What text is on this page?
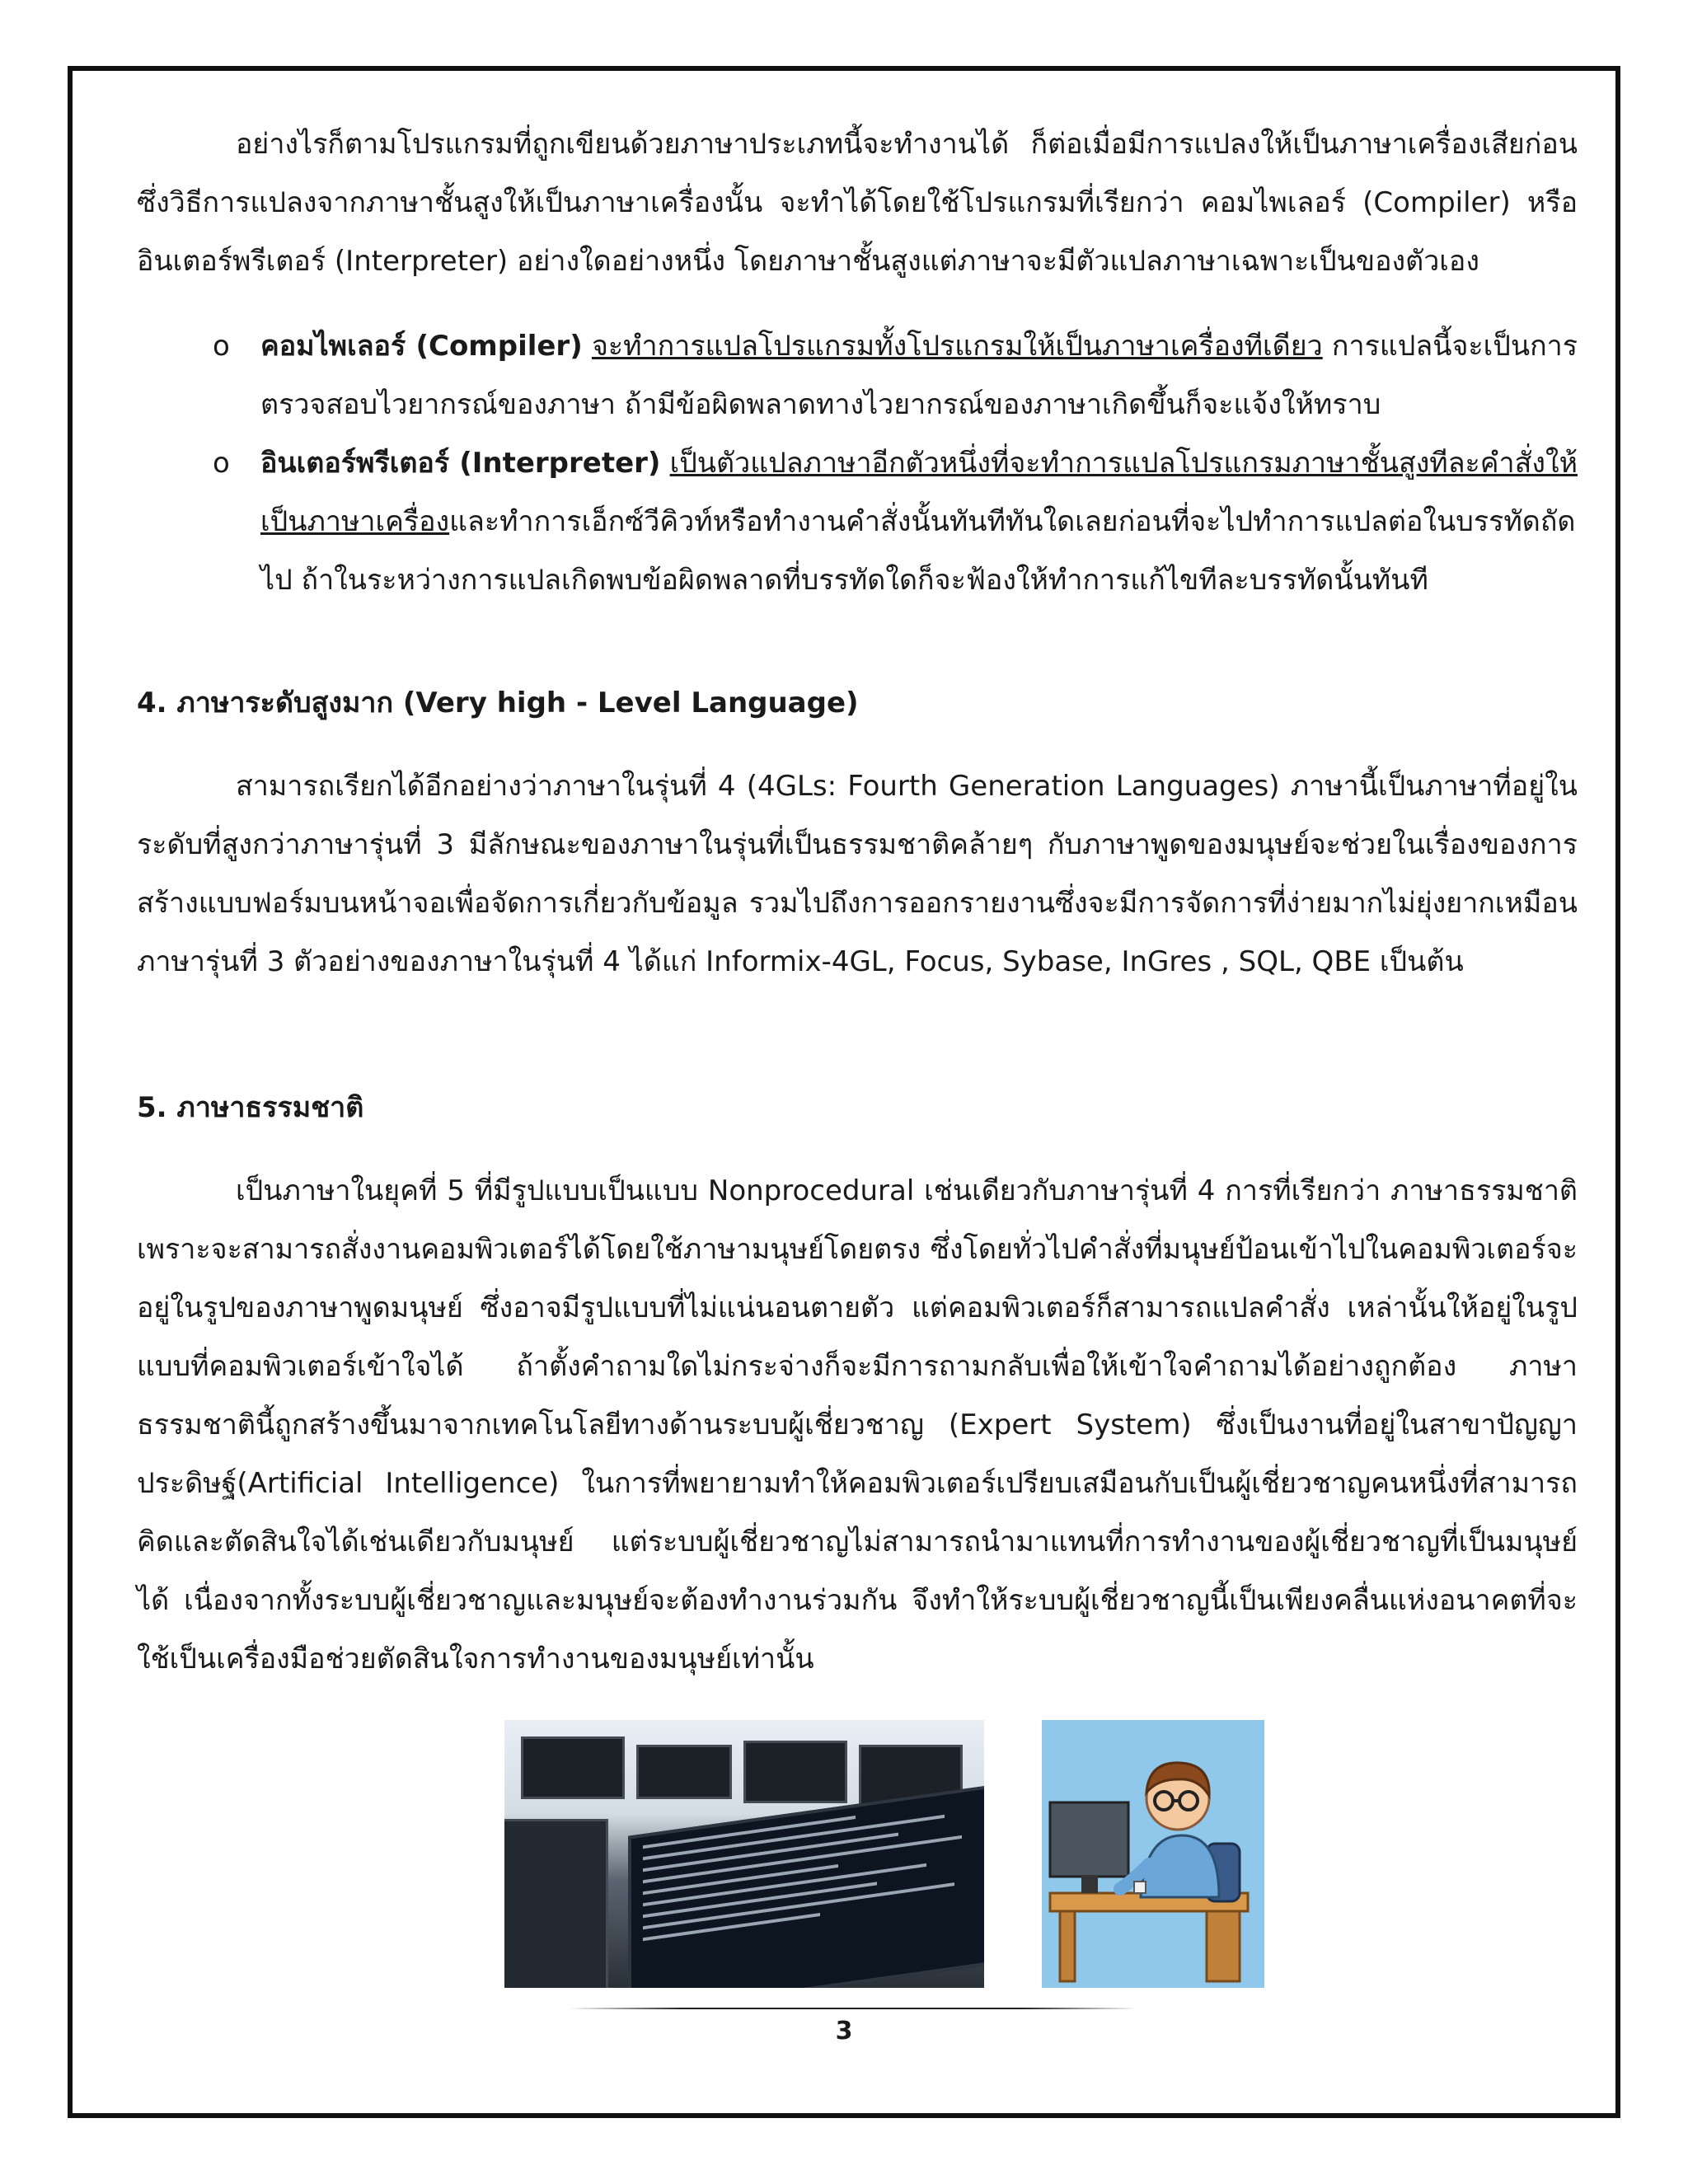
อย่างไรก็ตามโปรแกรมที่ถูกเขียนด้วยภาษาประเภทนี้จะทำงานได้ ก็ต่อเมื่อมีการแปลงให้เป็นภาษาเครื่องเสียก่อน ซึ่งวิธีการแปลงจากภาษาชั้นสูงให้เป็นภาษาเครื่องนั้น จะทำได้โดยใช้โปรแกรมที่เรียกว่า คอมไพเลอร์ (Compiler) หรือ อินเตอร์พรีเตอร์ (Interpreter) อย่างใดอย่างหนึ่ง โดยภาษาชั้นสูงแต่ภาษาจะมีตัวแปลภาษาเฉพาะเป็นของตัวเอง

o คอมไพเลอร์ (Compiler) จะทำการแปลโปรแกรมทั้งโปรแกรมให้เป็นภาษาเครื่องทีเดียว การแปลนี้จะเป็นการตรวจสอบไวยากรณ์ของภาษา ถ้ามีข้อผิดพลาดทางไวยากรณ์ของภาษาเกิดขึ้นก็จะแจ้งให้ทราบ
o อินเตอร์พรีเตอร์ (Interpreter) เป็นตัวแปลภาษาอีกตัวหนึ่งที่จะทำการแปลโปรแกรมภาษาชั้นสูงทีละคำสั่งให้เป็นภาษาเครื่องและทำการเอ็กซ์วีคิวท์หรือทำงานคำสั่งนั้นทันทีทันใดเลยก่อนที่จะไปทำการแปลต่อในบรรทัดถัดไป ถ้าในระหว่างการแปลเกิดพบข้อผิดพลาดที่บรรทัดใดก็จะฟ้องให้ทำการแก้ไขทีละบรรทัดนั้นทันที
4. ภาษาระดับสูงมาก (Very high - Level Language)

สามารถเรียกได้อีกอย่างว่าภาษาในรุ่นที่ 4 (4GLs: Fourth Generation Languages) ภาษานี้เป็นภาษาที่อยู่ในระดับที่สูงกว่าภาษารุ่นที่ 3 มีลักษณะของภาษาในรุ่นที่เป็นธรรมชาติคล้ายๆ กับภาษาพูดของมนุษย์จะช่วยในเรื่องของการสร้างแบบฟอร์มบนหน้าจอเพื่อจัดการเกี่ยวกับข้อมูล รวมไปถึงการออกรายงานซึ่งจะมีการจัดการที่ง่ายมากไม่ยุ่งยากเหมือนภาษารุ่นที่ 3 ตัวอย่างของภาษาในรุ่นที่ 4 ได้แก่ Informix-4GL, Focus, Sybase, InGres , SQL, QBE เป็นต้น

5. ภาษาธรรมชาติ

เป็นภาษาในยุคที่ 5 ที่มีรูปแบบเป็นแบบ Nonprocedural เช่นเดียวกับภาษารุ่นที่ 4 การที่เรียกว่า ภาษาธรรมชาติ เพราะจะสามารถสั่งงานคอมพิวเตอร์ได้โดยใช้ภาษามนุษย์โดยตรง ซึ่งโดยทั่วไปคำสั่งที่มนุษย์ป้อนเข้าไปในคอมพิวเตอร์จะอยู่ในรูปของภาษาพูดมนุษย์ ซึ่งอาจมีรูปแบบที่ไม่แน่นอนตายตัว แต่คอมพิวเตอร์ก็สามารถแปลคำสั่ง เหล่านั้นให้อยู่ในรูปแบบที่คอมพิวเตอร์เข้าใจได้ ถ้าตั้งคำถามใดไม่กระจ่างก็จะมีการถามกลับเพื่อให้เข้าใจคำถามได้อย่างถูกต้อง ภาษาธรรมชาตินี้ถูกสร้างขึ้นมาจากเทคโนโลยีทางด้านระบบผู้เชี่ยวชาญ (Expert System) ซึ่งเป็นงานที่อยู่ในสาขาปัญญาประดิษฐ์(Artificial Intelligence) ในการที่พยายามทำให้คอมพิวเตอร์เปรียบเสมือนกับเป็นผู้เชี่ยวชาญคนหนึ่งที่สามารถคิดและตัดสินใจได้เช่นเดียวกับมนุษย์ แต่ระบบผู้เชี่ยวชาญไม่สามารถนำมาแทนที่การทำงานของผู้เชี่ยวชาญที่เป็นมนุษย์ได้ เนื่องจากทั้งระบบผู้เชี่ยวชาญและมนุษย์จะต้องทำงานร่วมกัน จึงทำให้ระบบผู้เชี่ยวชาญนี้เป็นเพียงคลื่นแห่งอนาคตที่จะใช้เป็นเครื่องมือช่วยตัดสินใจการทำงานของมนุษย์เท่านั้น

3
